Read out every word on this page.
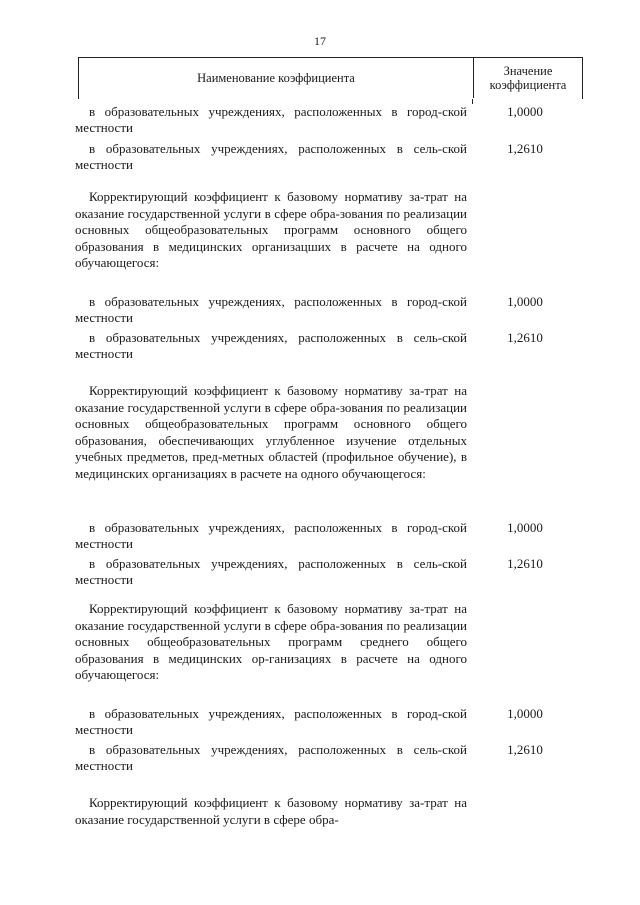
17
Наименование коэффициента	Значение
коэффициента
в образовательных учреждениях, расположенных в город-ской местности
1,0000
в образовательных учреждениях, расположенных в сель-ской местности
1,2610
Корректирующий коэффициент к базовому нормативу за-трат на оказание государственной услуги в сфере обра-зования по реализации основных общеобразовательных программ основного общего образования в медицинских организацших в расчете на одного обучающегося:
в образовательных учреждениях, расположенных в город-ской местности
1,0000
в образовательных учреждениях, расположенных в сель-ской местности
1,2610
Корректирующий коэффициент к базовому нормативу за-трат на оказание государственной услуги в сфере обра-зования по реализации основных общеобразовательных программ основного общего образования, обеспечивающих углубленное изучение отдельных учебных предметов, пред-метных областей (профильное обучение), в медицинских организациях в расчете на одного обучающегося:
в образовательных учреждениях, расположенных в город-ской местности
1,0000
в образовательных учреждениях, расположенных в сель-ской местности
1,2610
Корректирующий коэффициент к базовому нормативу за-трат на оказание государственной услуги в сфере обра-зования по реализации основных общеобразовательных программ среднего общего образования в медицинских ор-ганизациях в расчете на одного обучающегося:
в образовательных учреждениях, расположенных в город-ской местности
1,0000
в образовательных учреждениях, расположенных в сель-ской местности
1,2610
Корректирующий коэффициент к базовому нормативу за-трат на оказание государственной услуги в сфере обра-
